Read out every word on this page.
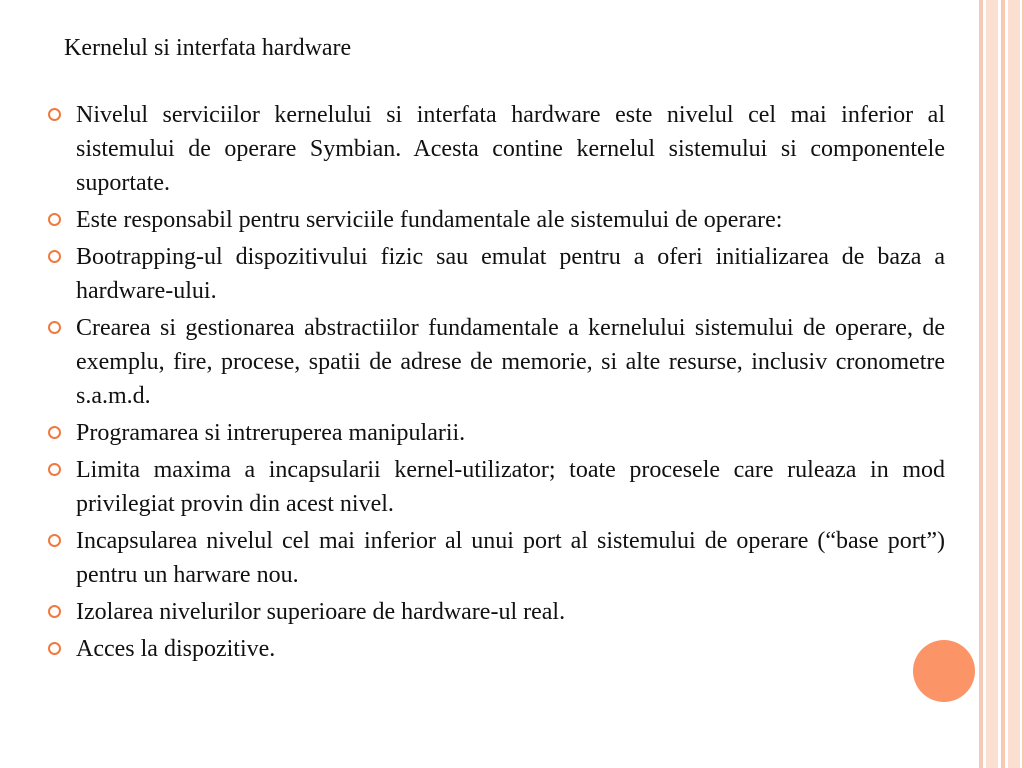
Kernelul si interfata hardware
Nivelul serviciilor kernelului si interfata hardware este nivelul cel mai inferior al sistemului de operare Symbian. Acesta contine kernelul sistemului si componentele suportate.
Este responsabil pentru serviciile fundamentale ale sistemului de operare:
Bootrapping-ul dispozitivului fizic sau emulat pentru a oferi initializarea de baza a hardware-ului.
Crearea si gestionarea abstractiilor fundamentale a kernelului sistemului de operare, de exemplu, fire, procese, spatii de adrese de memorie, si alte resurse, inclusiv cronometre s.a.m.d.
Programarea si intreruperea manipularii.
Limita maxima a incapsularii kernel-utilizator; toate procesele care ruleaza in mod privilegiat provin din acest nivel.
Incapsularea nivelul cel mai inferior al unui port al sistemului de operare (“base port”) pentru un harware nou.
Izolarea nivelurilor superioare de hardware-ul real.
Acces la dispozitive.
